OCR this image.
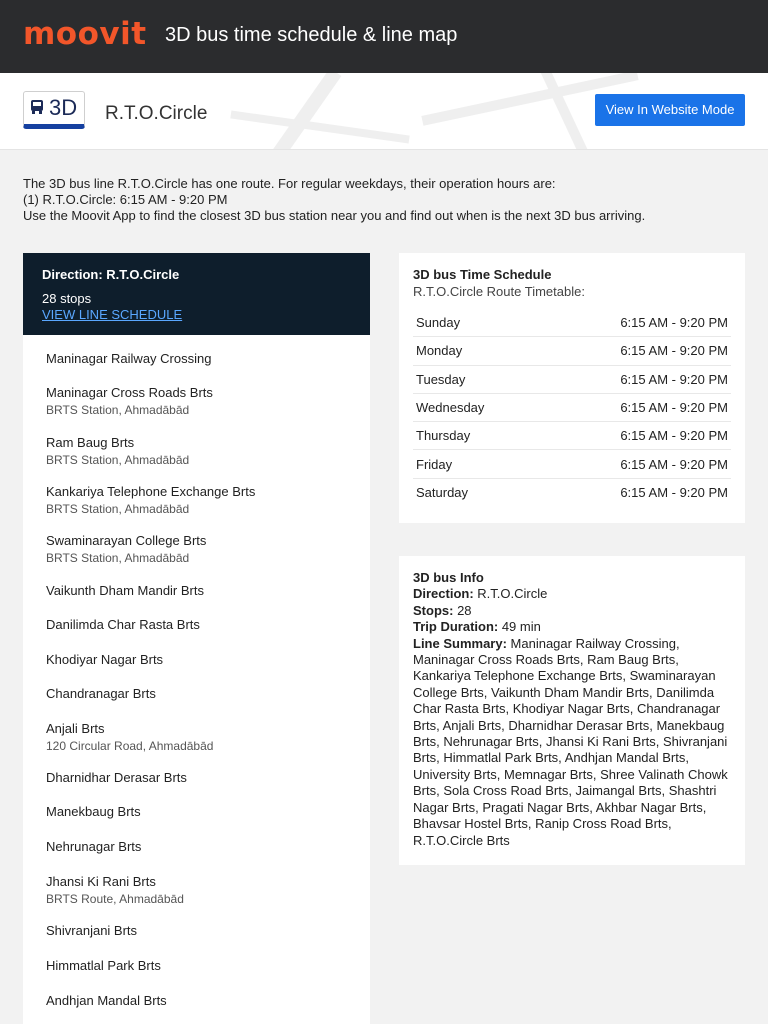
moovit 3D bus time schedule & line map
3D R.T.O.Circle	View In Website Mode
The 3D bus line R.T.O.Circle has one route. For regular weekdays, their operation hours are:
(1) R.T.O.Circle: 6:15 AM - 9:20 PM
Use the Moovit App to find the closest 3D bus station near you and find out when is the next 3D bus arriving.
Direction: R.T.O.Circle
28 stops
VIEW LINE SCHEDULE
Maninagar Railway Crossing
Maninagar Cross Roads Brts
BRTS Station, Ahmadābād
Ram Baug Brts
BRTS Station, Ahmadābād
Kankariya Telephone Exchange Brts
BRTS Station, Ahmadābād
Swaminarayan College Brts
BRTS Station, Ahmadābād
Vaikunth Dham Mandir Brts
Danilimda Char Rasta Brts
Khodiyar Nagar Brts
Chandranagar Brts
Anjali Brts
120 Circular Road, Ahmadābād
Dharnidhar Derasar Brts
Manekbaug Brts
Nehrunagar Brts
Jhansi Ki Rani Brts
BRTS Route, Ahmadābād
Shivranjani Brts
Himmatlal Park Brts
Andhjan Mandal Brts
3D bus Time Schedule
R.T.O.Circle Route Timetable:
Sunday	6:15 AM - 9:20 PM
Monday	6:15 AM - 9:20 PM
Tuesday	6:15 AM - 9:20 PM
Wednesday	6:15 AM - 9:20 PM
Thursday	6:15 AM - 9:20 PM
Friday	6:15 AM - 9:20 PM
Saturday	6:15 AM - 9:20 PM
3D bus Info
Direction: R.T.O.Circle
Stops: 28
Trip Duration: 49 min
Line Summary: Maninagar Railway Crossing, Maninagar Cross Roads Brts, Ram Baug Brts, Kankariya Telephone Exchange Brts, Swaminarayan College Brts, Vaikunth Dham Mandir Brts, Danilimda Char Rasta Brts, Khodiyar Nagar Brts, Chandranagar Brts, Anjali Brts, Dharnidhar Derasar Brts, Manekbaug Brts, Nehrunagar Brts, Jhansi Ki Rani Brts, Shivranjani Brts, Himmatlal Park Brts, Andhjan Mandal Brts, University Brts, Memnagar Brts, Shree Valinath Chowk Brts, Sola Cross Road Brts, Jaimangal Brts, Shashtri Nagar Brts, Pragati Nagar Brts, Akhbar Nagar Brts, Bhavsar Hostel Brts, Ranip Cross Road Brts, R.T.O.Circle Brts
